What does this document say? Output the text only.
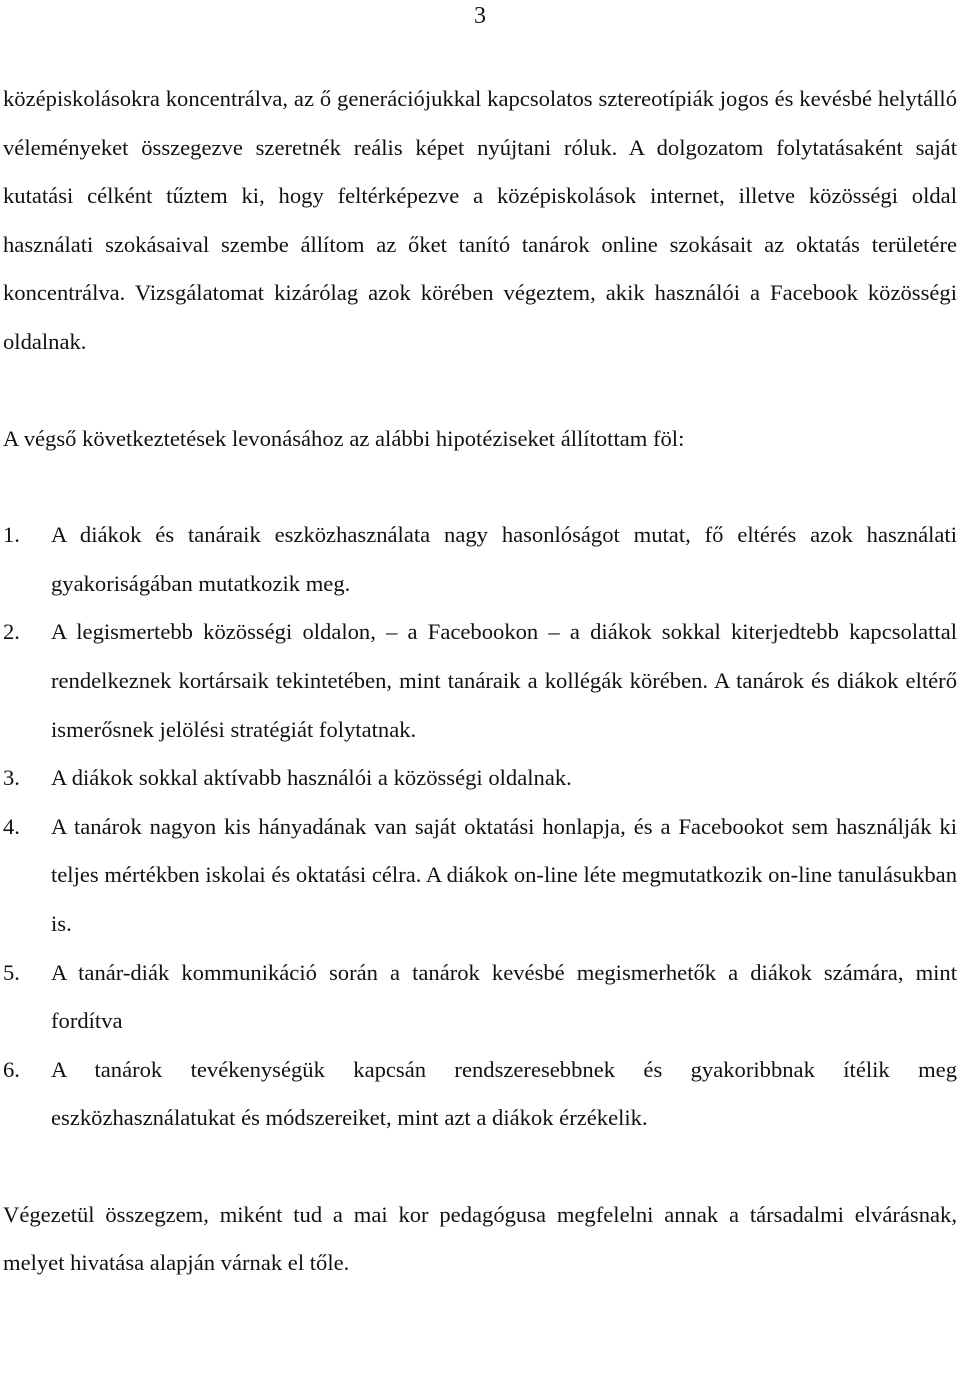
3

középiskolásokra koncentrálva, az ő generációjukkal kapcsolatos sztereotípiák jogos és kevésbé helytálló véleményeket összegezve szeretnék reális képet nyújtani róluk. A dolgozatom folytatásaként saját kutatási célként tűztem ki, hogy feltérképezve a középiskolások internet, illetve közösségi oldal használati szokásaival szembe állítom az őket tanító tanárok online szokásait az oktatás területére koncentrálva. Vizsgálatomat kizárólag azok körében végeztem, akik használói a Facebook közösségi oldalnak.

A végső következtetések levonásához az alábbi hipotéziseket állítottam föl:

1.	A diákok és tanáraik eszközhasználata nagy hasonlóságot mutat, fő eltérés azok használati gyakoriságában mutatkozik meg.
2.	A legismertebb közösségi oldalon, – a Facebookon – a diákok sokkal kiterjedtebb kapcsolattal rendelkeznek kortársaik tekintetében, mint tanáraik a kollégák körében. A tanárok és diákok eltérő ismerősnek jelölési stratégiát folytatnak.
3.	A diákok sokkal aktívabb használói a közösségi oldalnak.
4.	A tanárok nagyon kis hányadának van saját oktatási honlapja, és a Facebookot sem használják ki teljes mértékben iskolai és oktatási célra. A diákok on-line léte megmutatkozik on-line tanulásukban is.
5.	A tanár-diák kommunikáció során a tanárok kevésbé megismerhetők a diákok számára, mint fordítva
6.	A tanárok tevékenységük kapcsán rendszeresebbnek és gyakoribbnak ítélik meg eszközhasználatukat és módszereiket, mint azt a diákok érzékelik.

Végezetül összegzem, miként tud a mai kor pedagógusa megfelelni annak a társadalmi elvárásnak, melyet hivatása alapján várnak el tőle.
